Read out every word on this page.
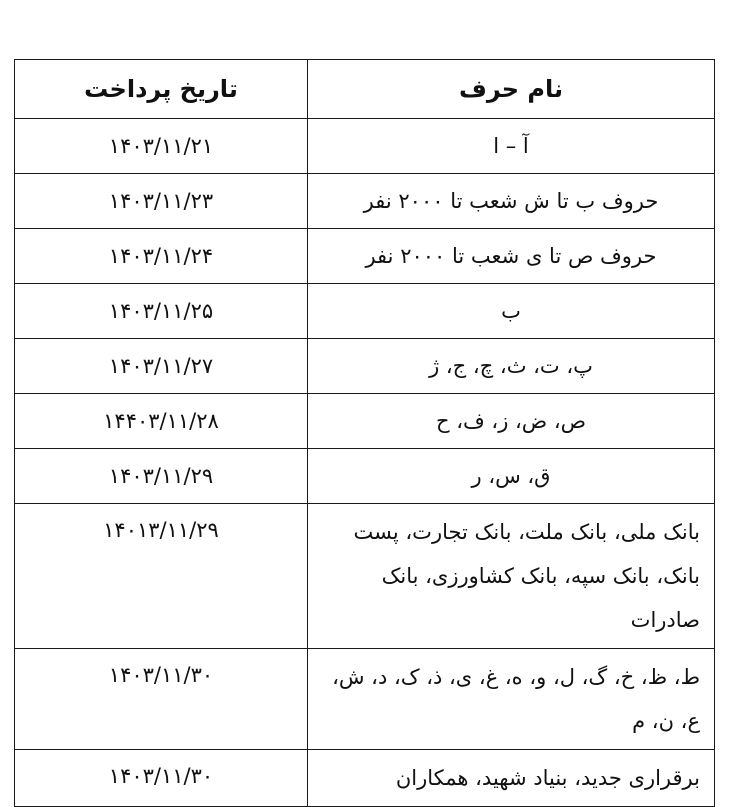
نام حرف	تاریخ پرداخت
آ – ا	۱۴۰۳/۱۱/۲۱
حروف ب تا ش شعب تا ۲۰۰۰ نفر	۱۴۰۳/۱۱/۲۳
حروف ص تا ی شعب تا ۲۰۰۰ نفر	۱۴۰۳/۱۱/۲۴
ب	۱۴۰۳/۱۱/۲۵
پ، ت، ث، چ، ج، ژ	۱۴۰۳/۱۱/۲۷
ص، ض، ز، ف، ح	۱۴۴۰۳/۱۱/۲۸
ق، س، ر	۱۴۰۳/۱۱/۲۹
بانک ملی، بانک ملت، بانک تجارت، پست بانک، بانک سپه، بانک کشاورزی، بانک صادرات	۱۴۰۱۳/۱۱/۲۹
ط، ظ، خ، گ، ل، و، ه، غ، ی، ذ، ک، د، ش، ع، ن، م	۱۴۰۳/۱۱/۳۰
برقراری جدید، بنیاد شهید، همکاران	۱۴۰۳/۱۱/۳۰
